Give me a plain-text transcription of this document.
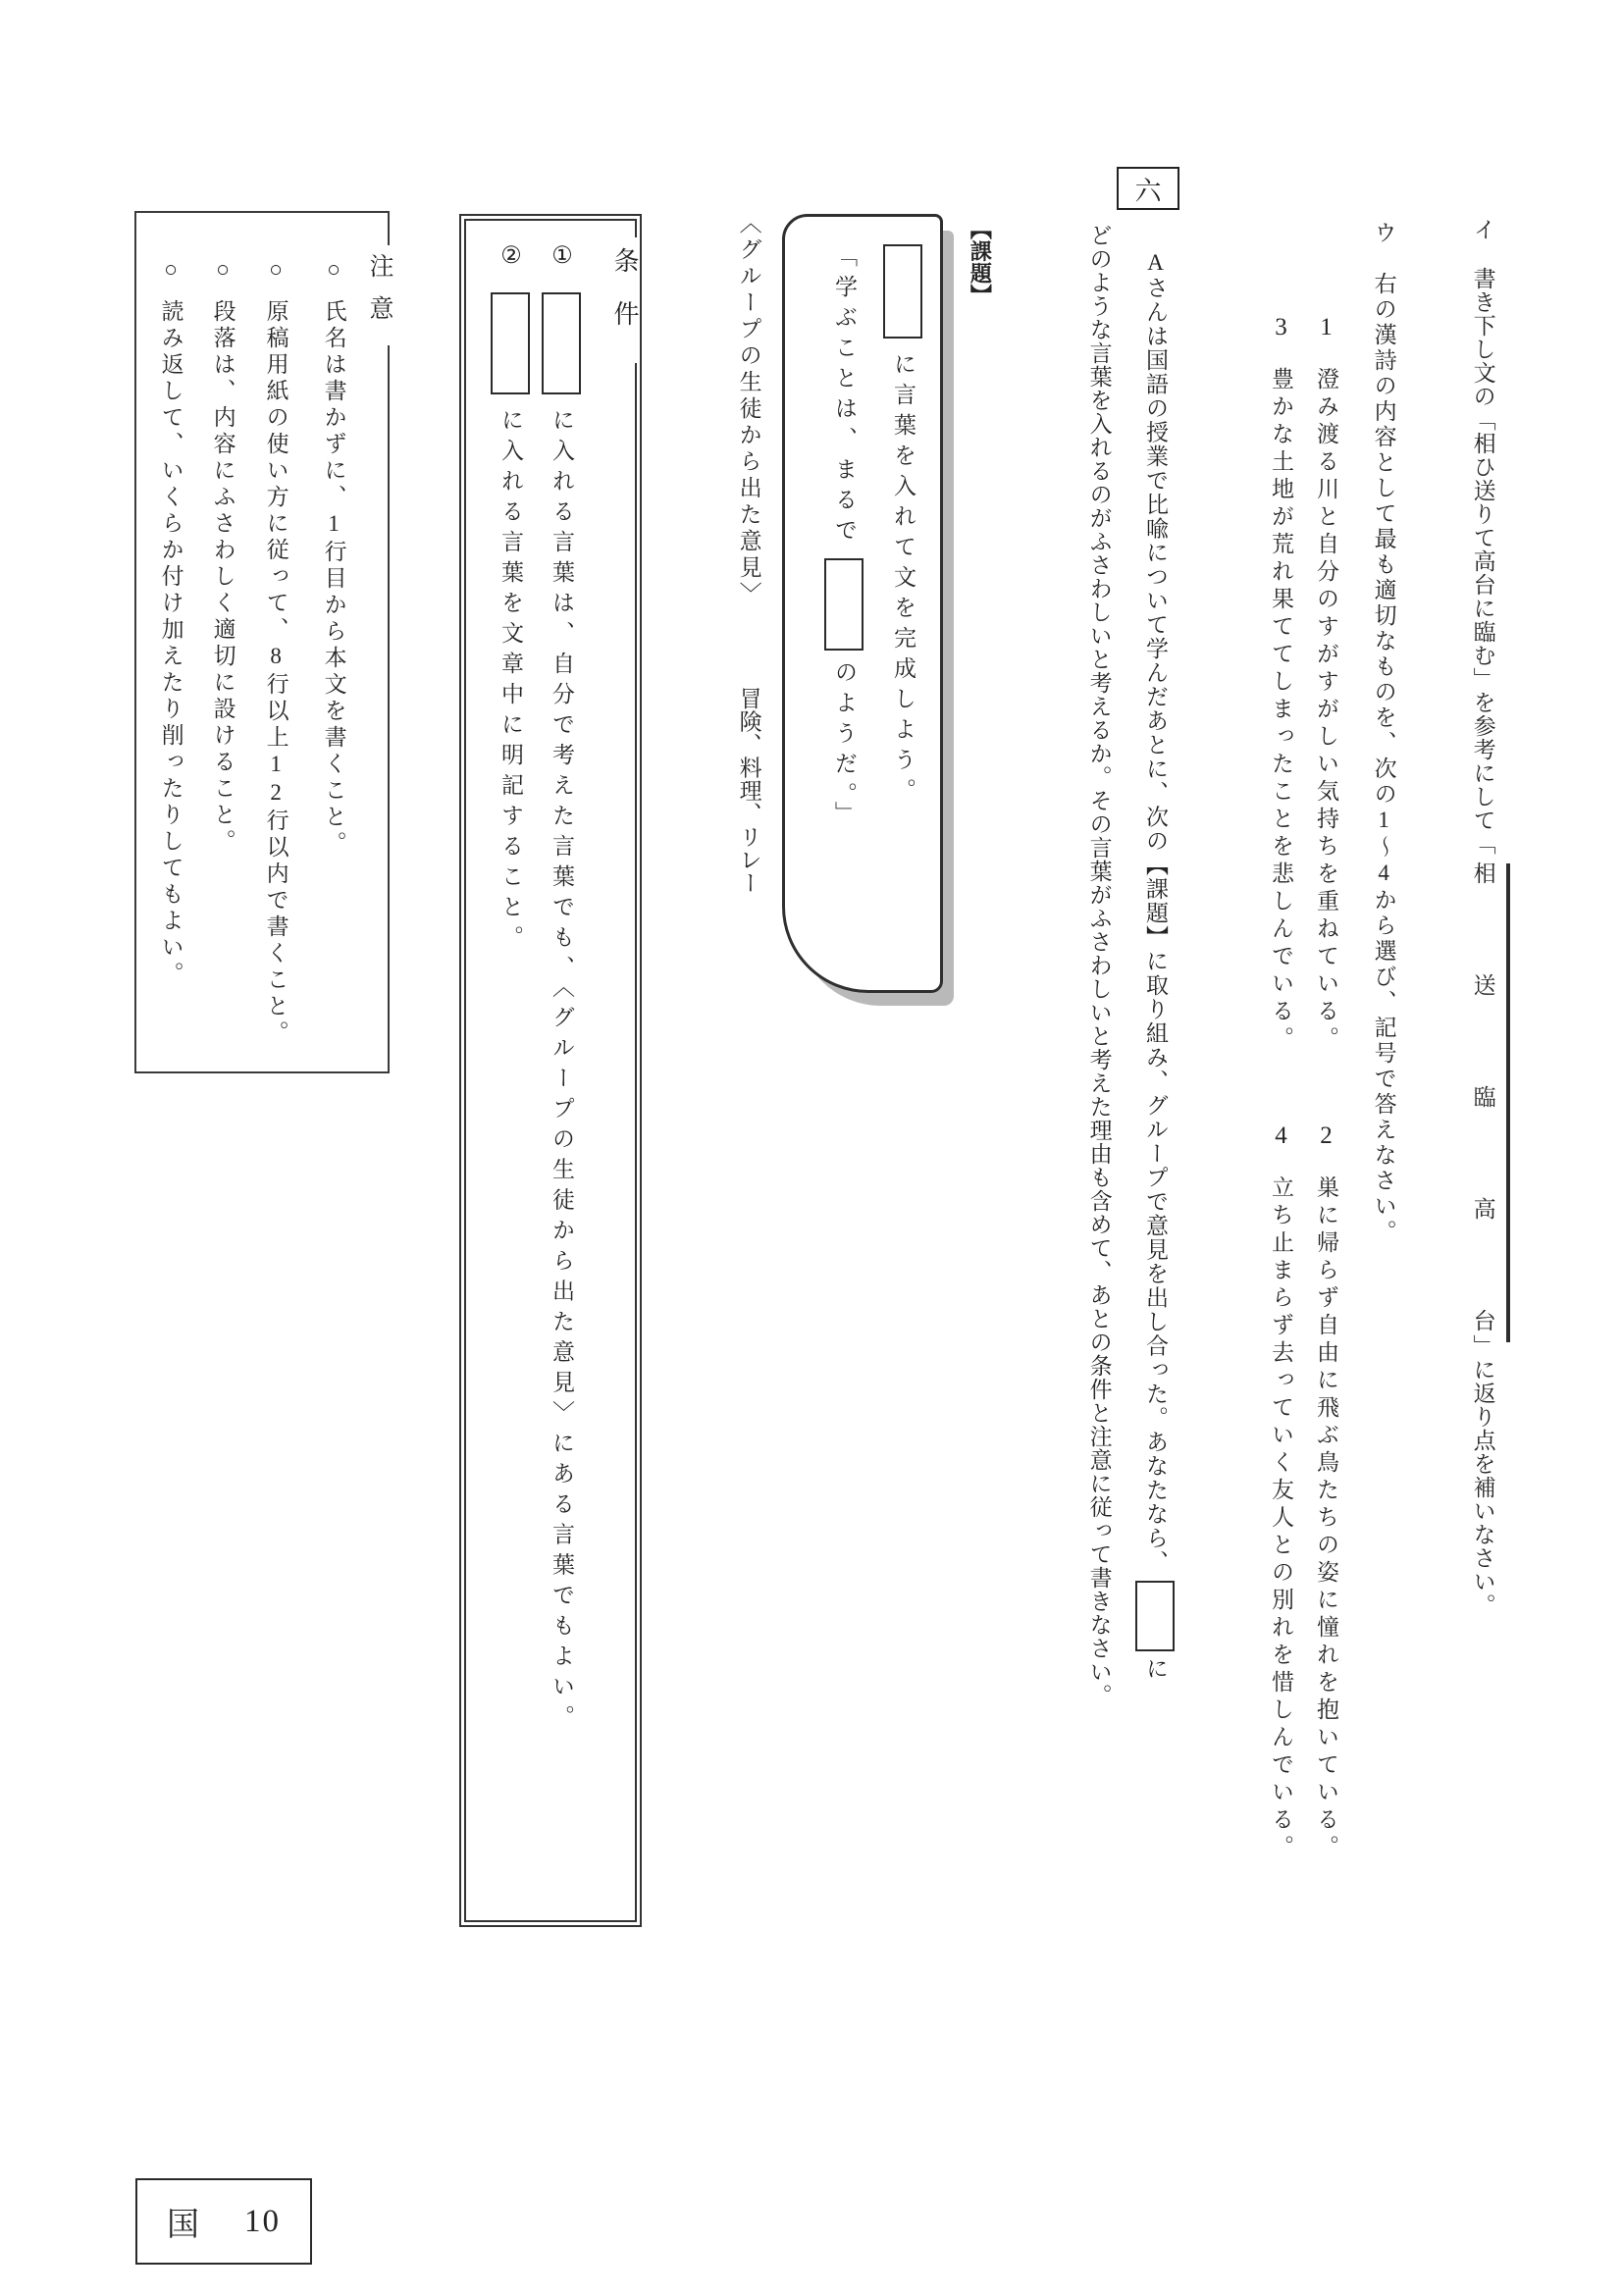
イ書き下し文の「相ひ送りて高台に臨む」を参考にして「相送臨高台」に返り点を補いなさい。
ウ右の漢詩の内容として最も適切なものを、次の1〜4から選び、記号で答えなさい。
1澄み渡る川と自分のすがすがしい気持ちを重ねている。2巣に帰らず自由に飛ぶ鳥たちの姿に憧れを抱いている。
3豊かな土地が荒れ果ててしまったことを悲しんでいる。4立ち止まらず去っていく友人との別れを惜しんでいる。
六
Aさんは国語の授業で比喩について学んだあとに、次の【課題】に取り組み、グループで意見を出し合った。あなたなら、に
どのような言葉を入れるのがふさわしいと考えるか。その言葉がふさわしいと考えた理由も含めて、あとの条件と注意に従って書きなさい。
【課題】
に言葉を入れて文を完成しよう。
「学ぶことは、まるでのようだ。」
〈グループの生徒から出た意見〉
冒険、料理、リレー
条件
①に入れる言葉は、自分で考えた言葉でも、〈グループの生徒から出た意見〉にある言葉でもよい。
②に入れる言葉を文章中に明記すること。
注意
○氏名は書かずに、1行目から本文を書くこと。
○原稿用紙の使い方に従って、8行以上12行以内で書くこと。
○段落は、内容にふさわしく適切に設けること。
○読み返して、いくらか付け加えたり削ったりしてもよい。
国 10
